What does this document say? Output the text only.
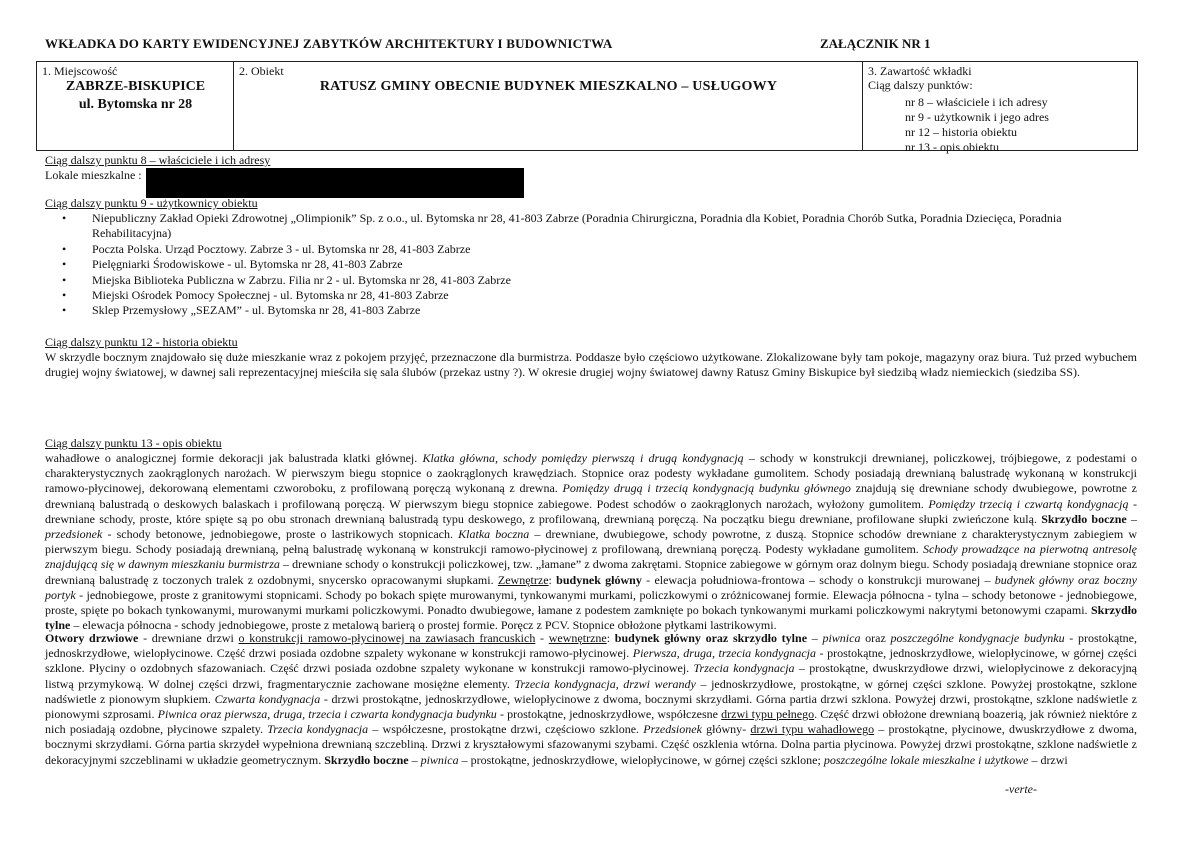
WKŁADKA DO KARTY EWIDENCYJNEJ ZABYTKÓW ARCHITEKTURY I BUDOWNICTWA	ZAŁĄCZNIK NR 1
1. Miejscowość
ZABRZE-BISKUPICE
ul. Bytomska nr 28
2. Obiekt
RATUSZ GMINY OBECNIE BUDYNEK MIESZKALNO – USŁUGOWY
3. Zawartość wkładki
Ciąg dalszy punktów:
nr 8 – właściciele i ich adresy
nr 9 - użytkownik i jego adres
nr 12 – historia obiektu
nr 13 - opis obiektu
Ciąg dalszy punktu 8 – właściciele i ich adresy
Lokale mieszkalne :
Ciąg dalszy punktu 9 - użytkownicy obiektu
• Niepubliczny Zakład Opieki Zdrowotnej „Olimpionik” Sp. z o.o., ul. Bytomska nr 28, 41-803 Zabrze (Poradnia Chirurgiczna, Poradnia dla Kobiet, Poradnia Chorób Sutka, Poradnia Dziecięca, Poradnia Rehabilitacyjna)
• Poczta Polska. Urząd Pocztowy. Zabrze 3 - ul. Bytomska nr 28, 41-803 Zabrze
• Pielęgniarki Środowiskowe - ul. Bytomska nr 28, 41-803 Zabrze
• Miejska Biblioteka Publiczna w Zabrzu. Filia nr 2 - ul. Bytomska nr 28, 41-803 Zabrze
• Miejski Ośrodek Pomocy Społecznej - ul. Bytomska nr 28, 41-803 Zabrze
• Sklep Przemysłowy „SEZAM” - ul. Bytomska nr 28, 41-803 Zabrze
Ciąg dalszy punktu 12 - historia obiektu
W skrzydle bocznym znajdowało się duże mieszkanie wraz z pokojem przyjęć, przeznaczone dla burmistrza. Poddasze było częściowo użytkowane. Zlokalizowane były tam pokoje, magazyny oraz biura. Tuż przed wybuchem drugiej wojny światowej, w dawnej sali reprezentacyjnej mieściła się sala ślubów (przekaz ustny ?). W okresie drugiej wojny światowej dawny Ratusz Gminy Biskupice był siedzibą władz niemieckich (siedziba SS).
Ciąg dalszy punktu 13 - opis obiektu
wahadłowe o analogicznej formie dekoracji jak balustrada klatki głównej. Klatka główna, schody pomiędzy pierwszą i drugą kondygnacją – schody w konstrukcji drewnianej, policzkowej, trójbiegowe, z podestami o charakterystycznych zaokrąglonych narożach. W pierwszym biegu stopnice o zaokrąglonych krawędziach. Stopnice oraz podesty wykładane gumolitem. Schody posiadają drewnianą balustradę wykonaną w konstrukcji ramowo-płycinowej, dekorowaną elementami czworoboku, z profilowaną poręczą wykonaną z drewna. Pomiędzy drugą i trzecią kondygnacją budynku głównego znajdują się drewniane schody dwubiegowe, powrotne z drewnianą balustradą o deskowych balaskach i profilowaną poręczą. W pierwszym biegu stopnice zabiegowe. Podest schodów o zaokrąglonych narożach, wyłożony gumolitem. Pomiędzy trzecią i czwartą kondygnacją - drewniane schody, proste, które spięte są po obu stronach drewnianą balustradą typu deskowego, z profilowaną, drewnianą poręczą. Na początku biegu drewniane, profilowane słupki zwieńczone kulą. Skrzydło boczne – przedsionek - schody betonowe, jednobiegowe, proste o lastrikowych stopnicach. Klatka boczna – drewniane, dwubiegowe, schody powrotne, z duszą. Stopnice schodów drewniane z charakterystycznym zabiegiem w pierwszym biegu. Schody posiadają drewnianą, pełną balustradę wykonaną w konstrukcji ramowo-płycinowej z profilowaną, drewnianą poręczą. Podesty wykładane gumolitem. Schody prowadzące na pierwotną antresolę znajdującą się w dawnym mieszkaniu burmistrza – drewniane schody o konstrukcji policzkowej, tzw. „łamane” z dwoma zakrętami. Stopnice zabiegowe w górnym oraz dolnym biegu. Schody posiadają drewniane stopnice oraz drewnianą balustradę z toczonych tralek z ozdobnymi, snycersko opracowanymi słupkami. Zewnętrze: budynek główny - elewacja południowa-frontowa – schody o konstrukcji murowanej – budynek główny oraz boczny portyk - jednobiegowe, proste z granitowymi stopnicami. Schody po bokach spięte murowanymi, tynkowanymi murkami, policzkowymi o zróżnicowanej formie. Elewacja północna - tylna – schody betonowe - jednobiegowe, proste, spięte po bokach tynkowanymi, murowanymi murkami policzkowymi. Ponadto dwubiegowe, łamane z podestem zamknięte po bokach tynkowanymi murkami policzkowymi nakrytymi betonowymi czapami. Skrzydło tylne – elewacja północna - schody jednobiegowe, proste z metalową barierą o prostej formie. Poręcz z PCV. Stopnice obłożone płytkami lastrikowymi.
Otwory drzwiowe - drewniane drzwi o konstrukcji ramowo-płycinowej na zawiasach francuskich - wewnętrzne: budynek główny oraz skrzydło tylne – piwnica oraz poszczególne kondygnacje budynku - prostokątne, jednoskrzydłowe, wielopłycinowe. Część drzwi posiada ozdobne szpalety wykonane w konstrukcji ramowo-płycinowej. Pierwsza, druga, trzecia kondygnacja - prostokątne, jednoskrzydłowe, wielopłycinowe, w górnej części szklone. Płyciny o ozdobnych sfazowaniach. Część drzwi posiada ozdobne szpalety wykonane w konstrukcji ramowo-płycinowej. Trzecia kondygnacja – prostokątne, dwuskrzydłowe drzwi, wielopłycinowe z dekoracyjną listwą przymykową. W dolnej części drzwi, fragmentarycznie zachowane mosiężne elementy. Trzecia kondygnacja, drzwi werandy – jednoskrzydłowe, prostokątne, w górnej części szklone. Powyżej prostokątne, szklone nadświetle z pionowym słupkiem. Czwarta kondygnacja - drzwi prostokątne, jednoskrzydłowe, wielopłycinowe z dwoma, bocznymi skrzydłami. Górna partia drzwi szklona. Powyżej drzwi, prostokątne, szklone nadświetle z pionowymi szprosami. Piwnica oraz pierwsza, druga, trzecia i czwarta kondygnacja budynku - prostokątne, jednoskrzydłowe, współczesne drzwi typu pełnego. Część drzwi obłożone drewnianą boazerią, jak również niektóre z nich posiadają ozdobne, płycinowe szpalety. Trzecia kondygnacja – współczesne, prostokątne drzwi, częściowo szklone. Przedsionek główny- drzwi typu wahadłowego – prostokątne, płycinowe, dwuskrzydłowe z dwoma, bocznymi skrzydłami. Górna partia skrzydeł wypełniona drewnianą szczebliną. Drzwi z kryształowymi sfazowanymi szybami. Część oszklenia wtórna. Dolna partia płycinowa. Powyżej drzwi prostokątne, szklone nadświetle z dekoracyjnymi szczeblinami w układzie geometrycznym. Skrzydło boczne – piwnica – prostokątne, jednoskrzydłowe, wielopłycinowe, w górnej części szklone; poszczególne lokale mieszkalne i użytkowe – drzwi
-verte-
